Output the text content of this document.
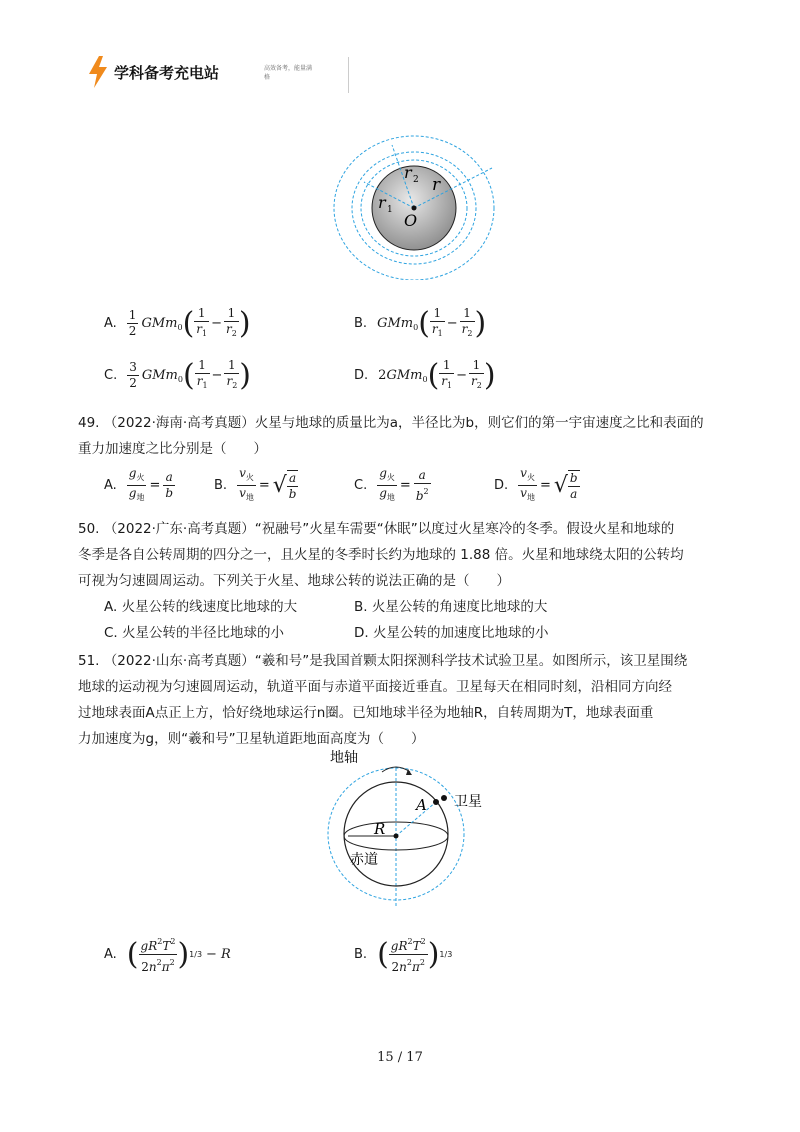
学科备考充电站	高效备考，能量满格
r 2 r
r 1
O
A. $\frac{1}{2} GMm_0$ ( $\frac{1}{r_1} - \frac{1}{r_2}$ )	B. GMm$_0$ ( $\frac{1}{r_1} - \frac{1}{r_2}$ )
C. $\frac{3}{2} GMm_0$ ( $\frac{1}{r_1} - \frac{1}{r_2}$ )	D. 2 GMm$_0$ ( $\frac{1}{r_1} - \frac{1}{r_2}$ )
49. （2022·海南·高考真题）火星与地球的质量比为a，半径比为b，则它们的第一宇宙速度之比和表面的
重力加速度之比分别是（　　）
A. $\frac{g_火}{g_地} = \frac{a}{b}$	B. $\frac{v_火}{v_地}$ = √ $\frac{a}{b}$	C. $\frac{g_火}{g_地} = \frac{a}{b^2}$	D. $\frac{v_火}{v_地}$ = √ $\frac{b}{a}$
50. （2022·广东·高考真题）“祝融号”火星车需要“休眠”以度过火星寒冷的冬季。假设火星和地球的
冬季是各自公转周期的四分之一，且火星的冬季时长约为地球的 1.88 倍。火星和地球绕太阳的公转均
可视为匀速圆周运动。下列关于火星、地球公转的说法正确的是（　　）
A. 火星公转的线速度比地球的大	B. 火星公转的角速度比地球的大
C. 火星公转的半径比地球的小	D. 火星公转的加速度比地球的小
51. （2022·山东·高考真题）“羲和号”是我国首颗太阳探测科学技术试验卫星。如图所示，该卫星围绕
地球的运动视为匀速圆周运动，轨道平面与赤道平面接近垂直。卫星每天在相同时刻，沿相同方向经
过地球表面A点正上方，恰好绕地球运行n圈。已知地球半径为地轴R，自转周期为T，地球表面重
力加速度为g，则“羲和号”卫星轨道距地面高度为（　　）
地轴
卫星
A
R
赤道
A. ( $\frac{gR^2T^2}{2n^2\pi^2}$ ) 1/3 − R	B. ( $\frac{gR^2T^2}{2n^2\pi^2}$ ) 1/3
15 / 17
